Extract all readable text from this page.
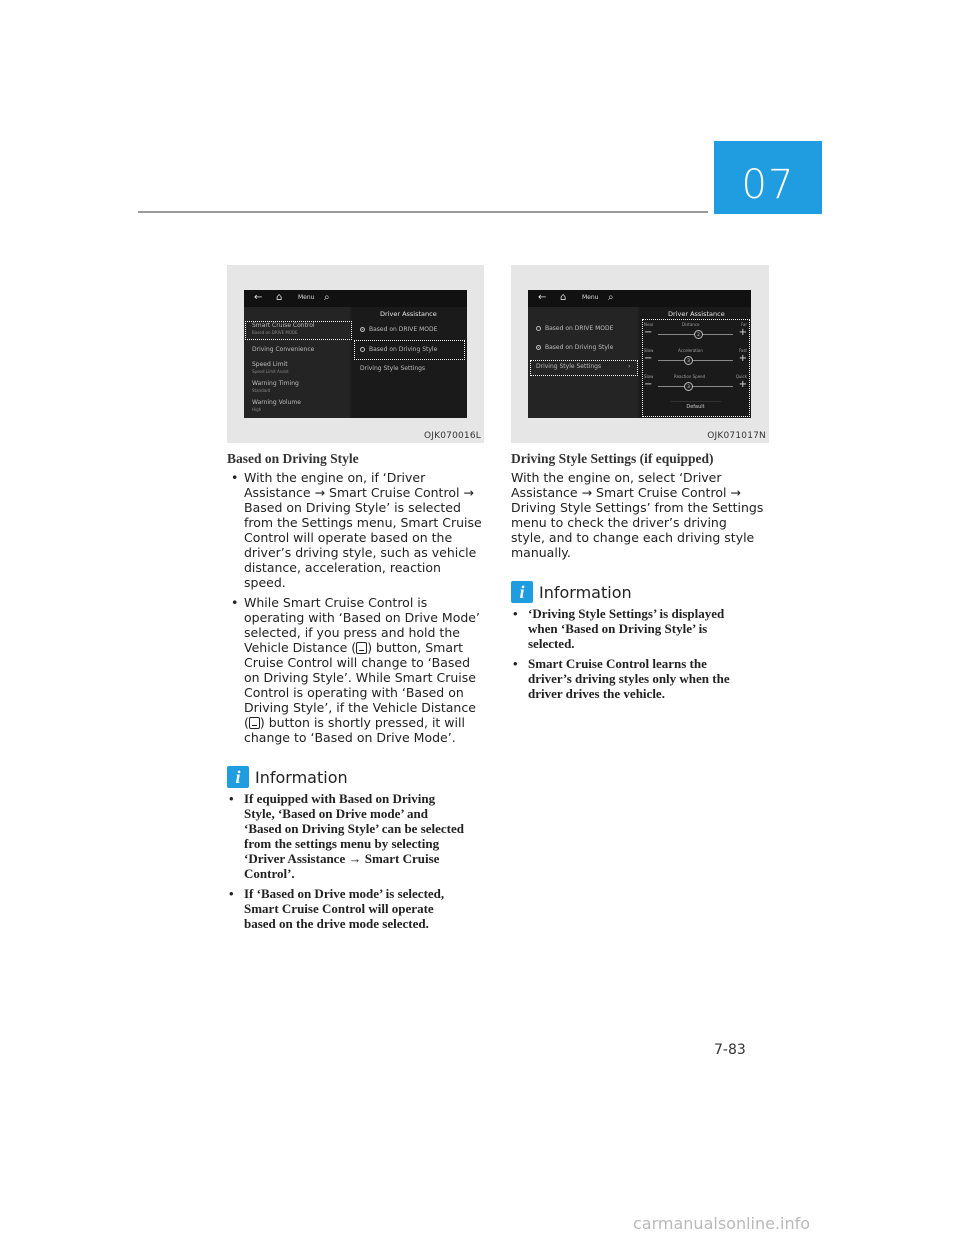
07
← ⌂	Menu ⌕
Smart Cruise Control
Based on DRIVE MODE
Driving Convenience
Speed Limit
Speed Limit Assist
Warning Timing
Standard
Warning Volume
High
Driver Assistance
Based on DRIVE MODE
Based on Driving Style
Driving Style Settings
OJK070016L
← ⌂	Menu ⌕
Based on DRIVE MODE
Based on Driving Style
Driving Style Settings	›
Driver Assistance
Near	Distance	Far
−	2	+
Slow	Acceleration	Fast
−	3	+
Slow	Reaction Speed	Quick
−	3	+
Default
OJK071017N
Based on Driving Style
• With the engine on, if ‘Driver
Assistance → Smart Cruise Control →
Based on Driving Style’ is selected
from the Settings menu, Smart Cruise
Control will operate based on the
driver’s driving style, such as vehicle
distance, acceleration, reaction
speed.
• While Smart Cruise Control is
operating with ‘Based on Drive Mode’
selected, if you press and hold the
Vehicle Distance ( ) button, Smart
Cruise Control will change to ‘Based
on Driving Style’. While Smart Cruise
Control is operating with ‘Based on
Driving Style’, if the Vehicle Distance
( ) button is shortly pressed, it will
change to ‘Based on Drive Mode’.
i Information
• If equipped with Based on Driving
Style, ‘Based on Drive mode’ and
‘Based on Driving Style’ can be selected
from the settings menu by selecting
‘Driver Assistance → Smart Cruise
Control’.
• If ‘Based on Drive mode’ is selected,
Smart Cruise Control will operate
based on the drive mode selected.
Driving Style Settings (if equipped)
With the engine on, select ‘Driver
Assistance → Smart Cruise Control →
Driving Style Settings’ from the Settings
menu to check the driver’s driving
style, and to change each driving style
manually.
i Information
• ‘Driving Style Settings’ is displayed
when ‘Based on Driving Style’ is
selected.
• Smart Cruise Control learns the
driver’s driving styles only when the
driver drives the vehicle.
7-83
carmanualsonline.info
